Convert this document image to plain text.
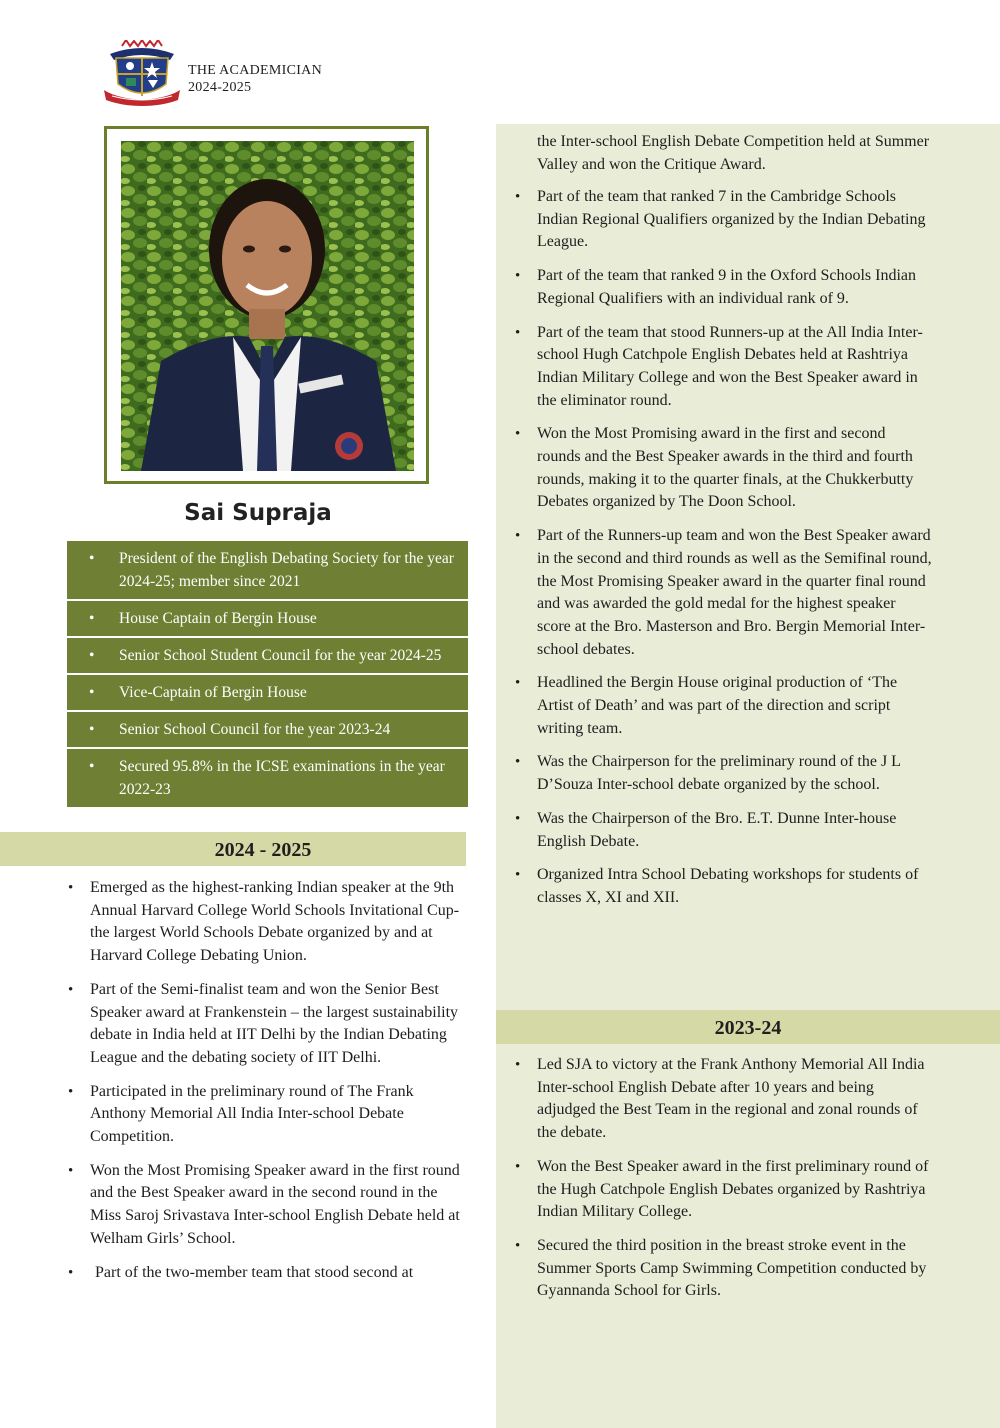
THE ACADEMICIAN
2024-2025
Sai Supraja
• President of the English Debating Society for the year 2024-25; member since 2021
• House Captain of Bergin House
• Senior School Student Council for the year 2024-25
• Vice-Captain of Bergin House
• Senior School Council for the year 2023-24
• Secured 95.8% in the ICSE examinations in the year 2022-23
2024 - 2025
• Emerged as the highest-ranking Indian speaker at the 9th Annual Harvard College World Schools Invitational Cup- the largest World Schools Debate organized by and at Harvard College Debating Union.
• Part of the Semi-finalist team and won the Senior Best Speaker award at Frankenstein – the largest sustainability debate in India held at IIT Delhi by the Indian Debating League and the debating society of IIT Delhi.
• Participated in the preliminary round of The Frank Anthony Memorial All India Inter-school Debate Competition.
• Won the Most Promising Speaker award in the first round and the Best Speaker award in the second round in the Miss Saroj Srivastava Inter-school English Debate held at Welham Girls’ School.
• Part of the two-member team that stood second at
the Inter-school English Debate Competition held at Summer Valley and won the Critique Award.
• Part of the team that ranked 7 in the Cambridge Schools Indian Regional Qualifiers organized by the Indian Debating League.
• Part of the team that ranked 9 in the Oxford Schools Indian Regional Qualifiers with an individual rank of 9.
• Part of the team that stood Runners-up at the All India Inter-school Hugh Catchpole English Debates held at Rashtriya Indian Military College and won the Best Speaker award in the eliminator round.
• Won the Most Promising award in the first and second rounds and the Best Speaker awards in the third and fourth rounds, making it to the quarter finals, at the Chukkerbutty Debates organized by The Doon School.
• Part of the Runners-up team and won the Best Speaker award in the second and third rounds as well as the Semifinal round, the Most Promising Speaker award in the quarter final round and was awarded the gold medal for the highest speaker score at the Bro. Masterson and Bro. Bergin Memorial Inter-school debates.
• Headlined the Bergin House original production of ‘The Artist of Death’ and was part of the direction and script writing team.
• Was the Chairperson for the preliminary round of the J L D’Souza Inter-school debate organized by the school.
• Was the Chairperson of the Bro. E.T. Dunne Inter-house English Debate.
• Organized Intra School Debating workshops for students of classes X, XI and XII.
2023-24
• Led SJA to victory at the Frank Anthony Memorial All India Inter-school English Debate after 10 years and being adjudged the Best Team in the regional and zonal rounds of the debate.
• Won the Best Speaker award in the first preliminary round of the Hugh Catchpole English Debates organized by Rashtriya Indian Military College.
• Secured the third position in the breast stroke event in the Summer Sports Camp Swimming Competition conducted by Gyannanda School for Girls.
